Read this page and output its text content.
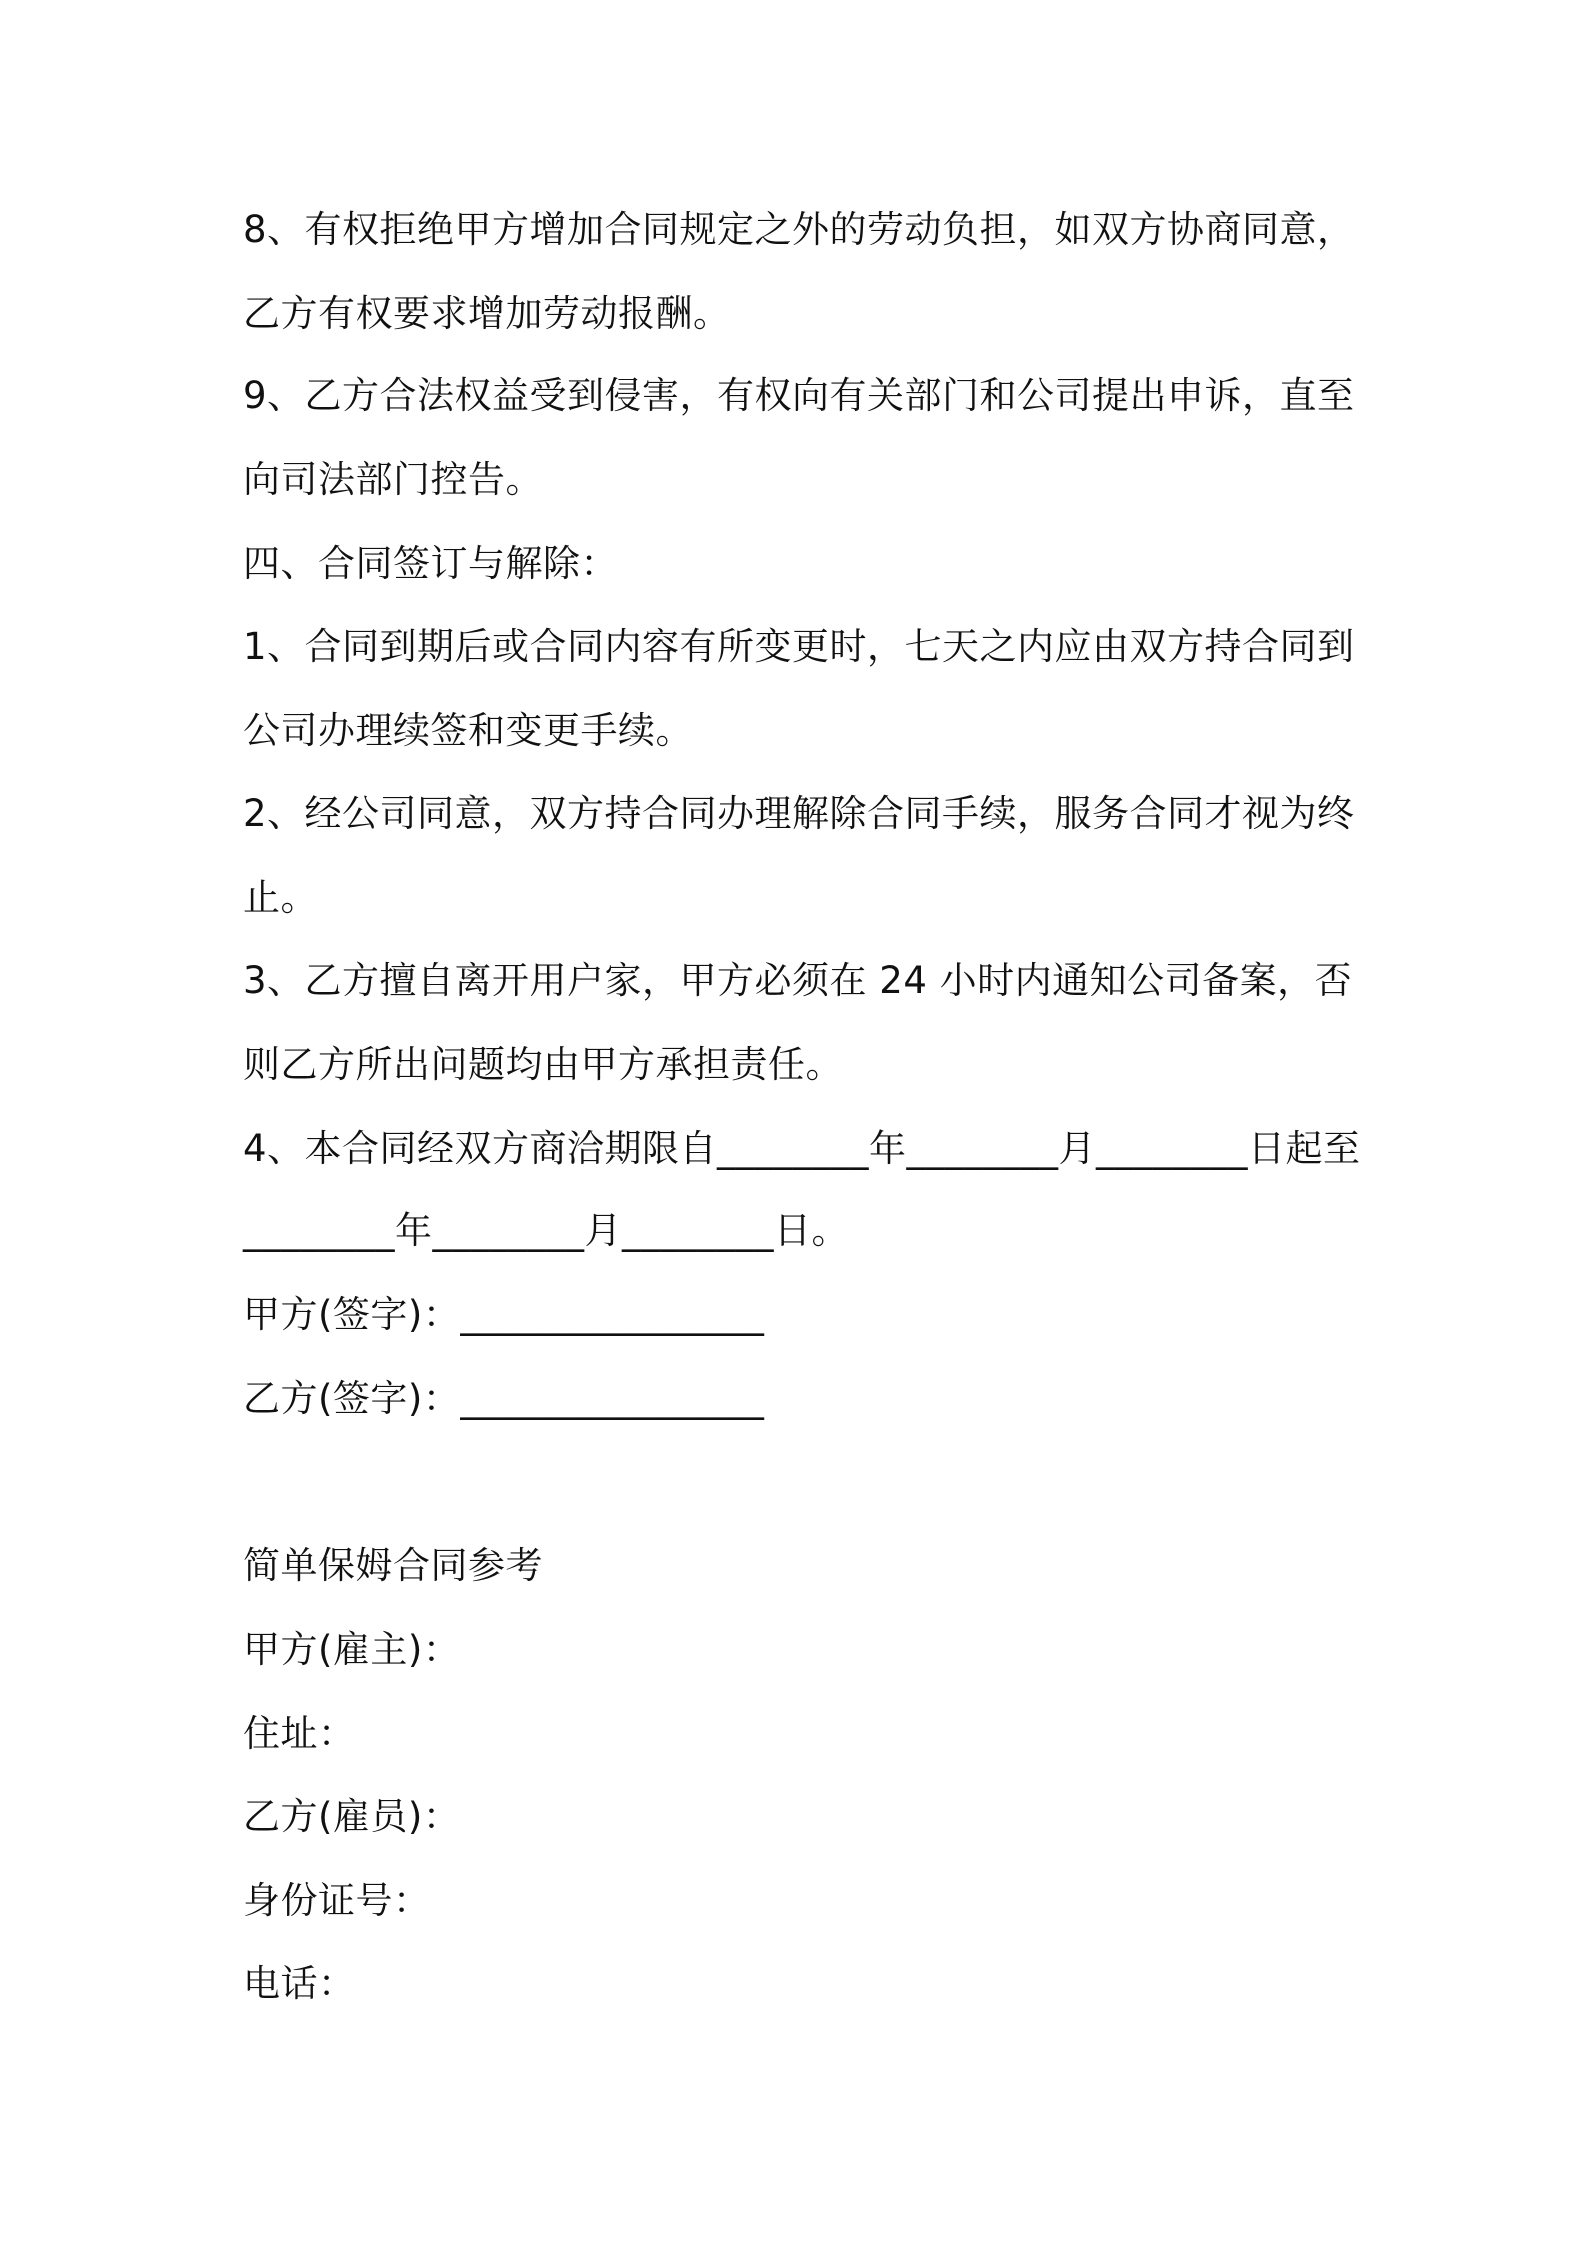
8、有权拒绝甲方增加合同规定之外的劳动负担，如双方协商同意，

乙方有权要求增加劳动报酬。

9、乙方合法权益受到侵害，有权向有关部门和公司提出申诉，直至

向司法部门控告。

四、合同签订与解除：

1、合同到期后或合同内容有所变更时，七天之内应由双方持合同到

公司办理续签和变更手续。

2、经公司同意，双方持合同办理解除合同手续，服务合同才视为终

止。

3、乙方擅自离开用户家，甲方必须在 24 小时内通知公司备案，否

则乙方所出问题均由甲方承担责任。

4、本合同经双方商洽期限自________年________月________日起至

________年________月________日。

甲方(签字)：________________

乙方(签字)：________________

简单保姆合同参考

甲方(雇主)：

住址：

乙方(雇员)：

身份证号：

电话：
